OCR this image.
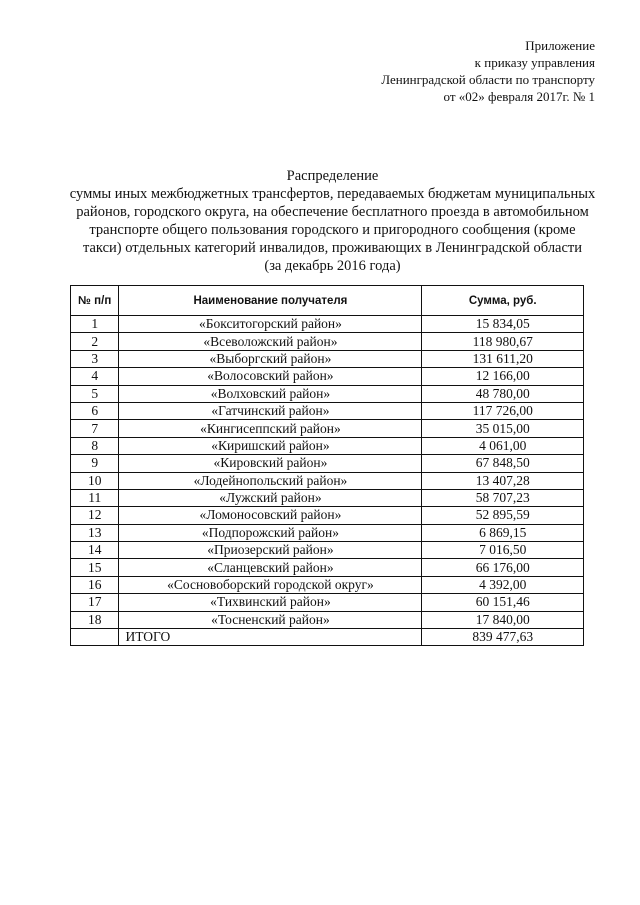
Приложение
к приказу управления
Ленинградской области по транспорту
от «02» февраля 2017г. № 1
Распределение
суммы иных межбюджетных трансфертов, передаваемых бюджетам муниципальных
районов, городского округа, на обеспечение бесплатного проезда в автомобильном
транспорте общего пользования городского и пригородного сообщения (кроме
такси) отдельных категорий инвалидов, проживающих в Ленинградской области
(за декабрь 2016 года)
№ п/п	Наименование получателя	Сумма, руб.
1	«Бокситогорский район»	15 834,05
2	«Всеволожский район»	118 980,67
3	«Выборгский район»	131 611,20
4	«Волосовский район»	12 166,00
5	«Волховский район»	48 780,00
6	«Гатчинский район»	117 726,00
7	«Кингисеппский район»	35 015,00
8	«Киришский район»	4 061,00
9	«Кировский район»	67 848,50
10	«Лодейнопольский район»	13 407,28
11	«Лужский район»	58 707,23
12	«Ломоносовский район»	52 895,59
13	«Подпорожский район»	6 869,15
14	«Приозерский район»	7 016,50
15	«Сланцевский район»	66 176,00
16	«Сосновоборский городской округ»	4 392,00
17	«Тихвинский район»	60 151,46
18	«Тосненский район»	17 840,00
	ИТОГО	839 477,63
